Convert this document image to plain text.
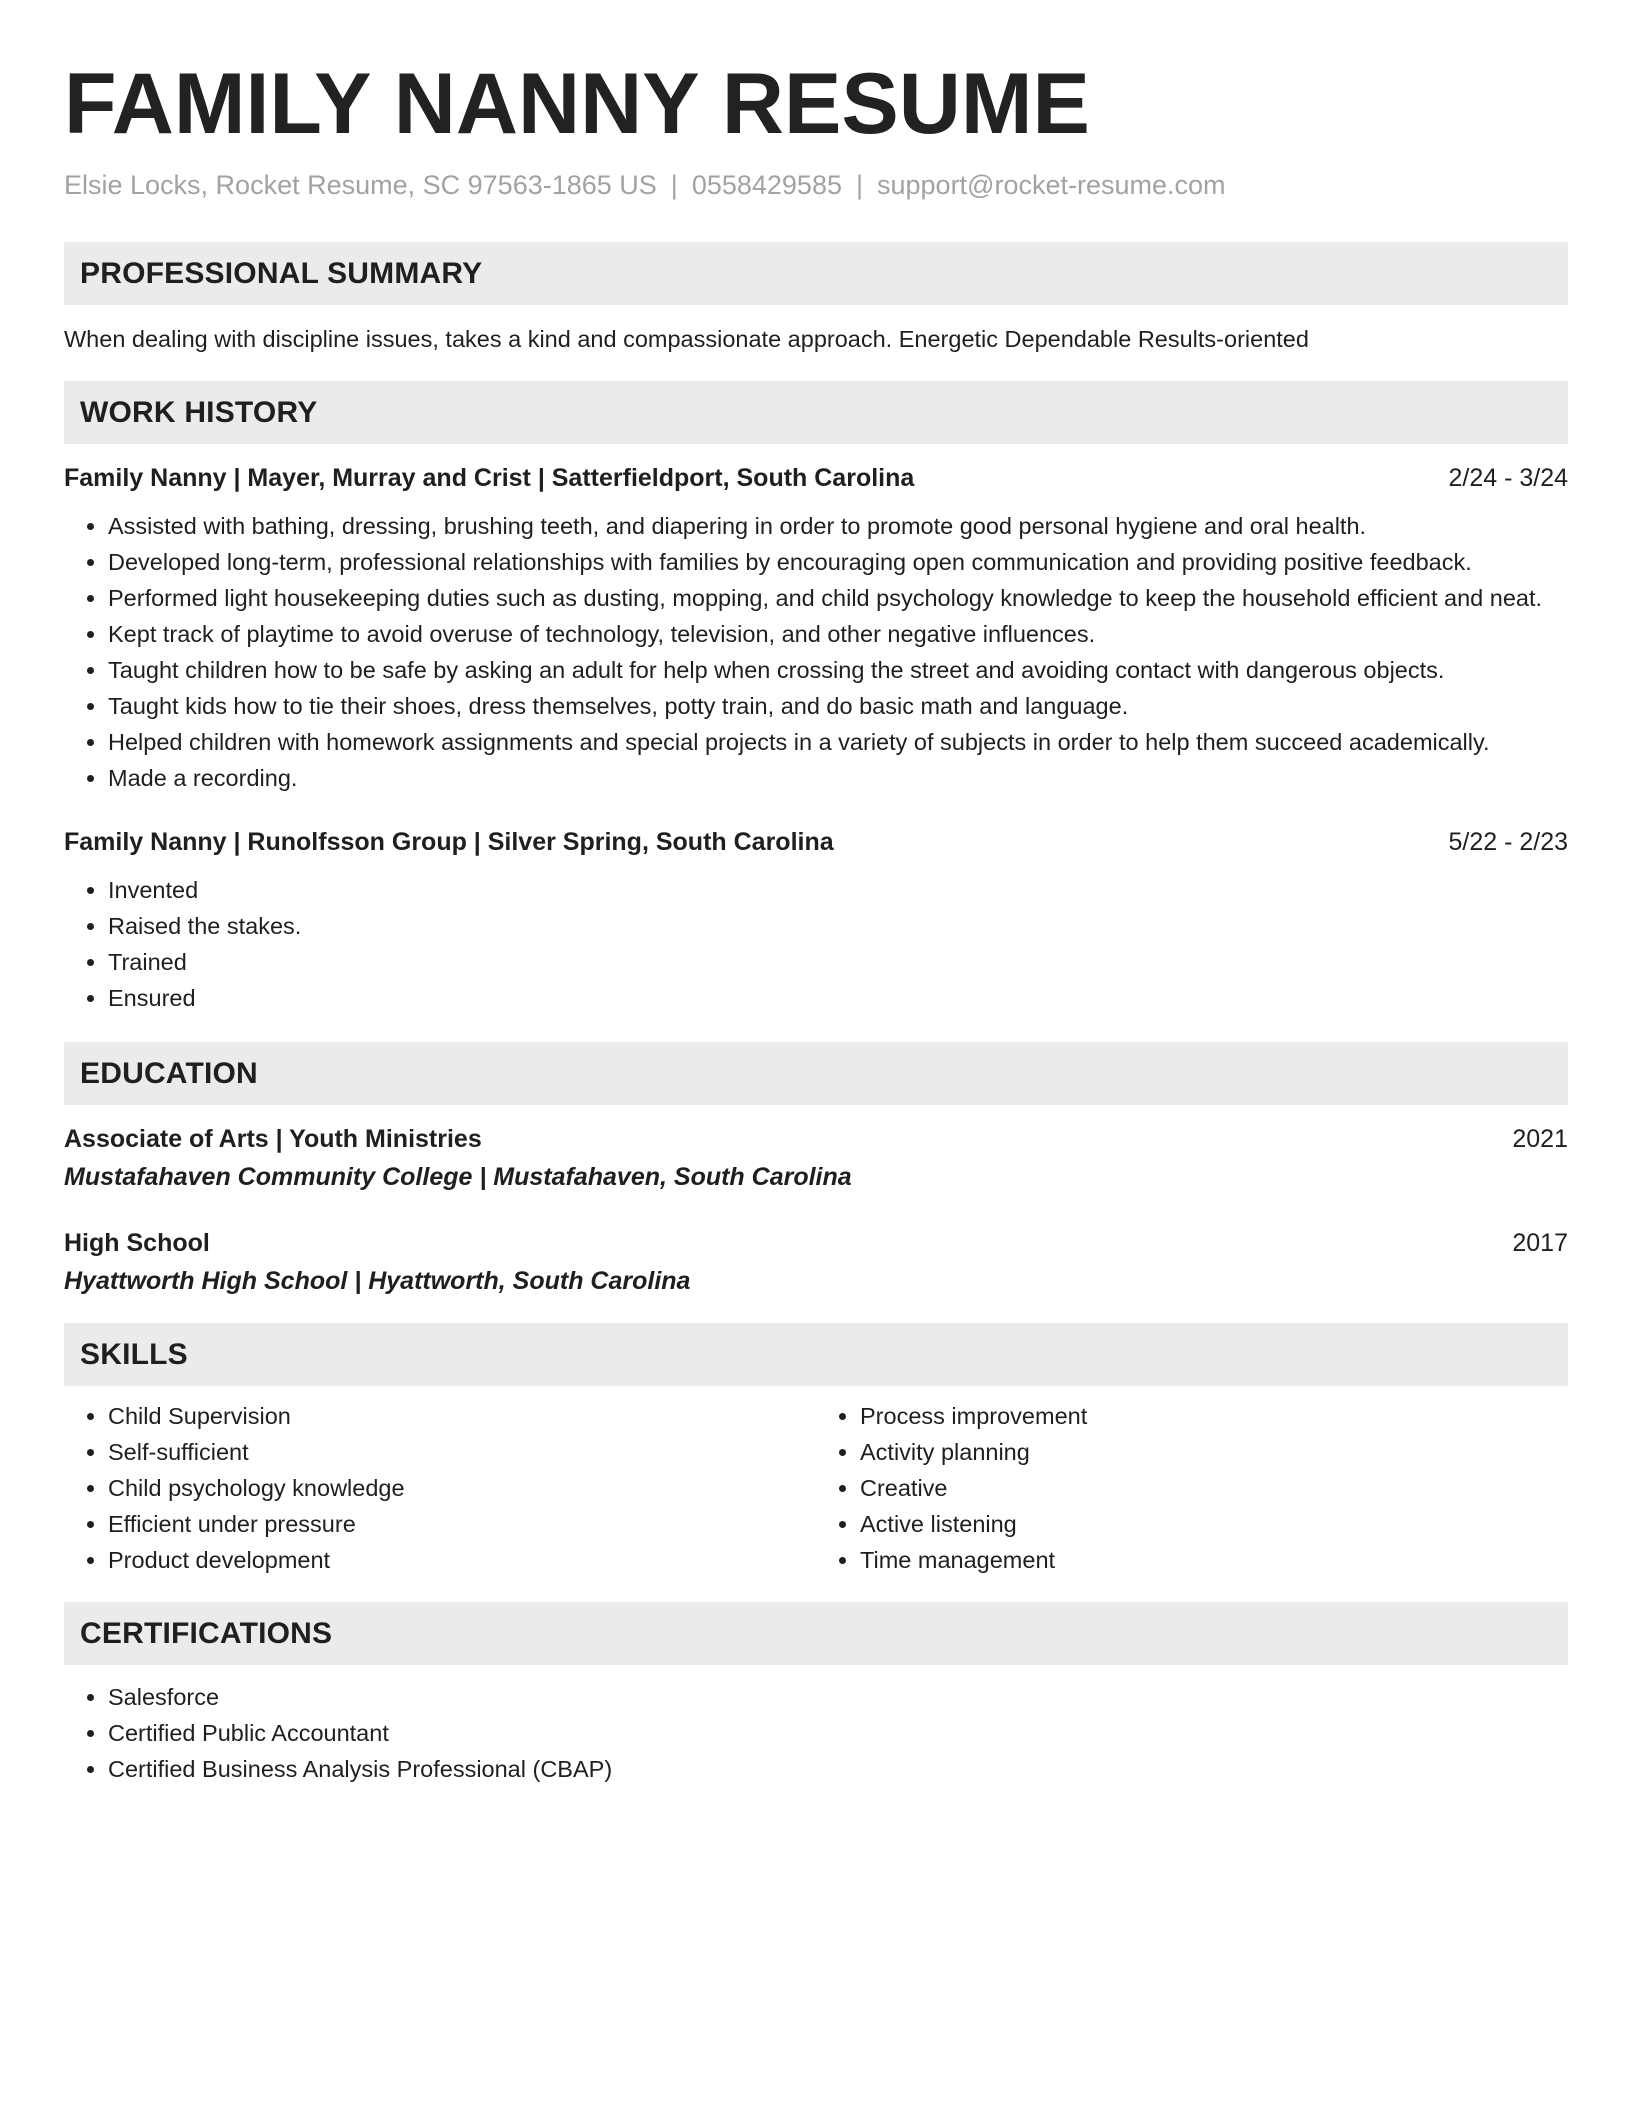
FAMILY NANNY RESUME
Elsie Locks, Rocket Resume, SC 97563-1865 US | 0558429585 | support@rocket-resume.com
PROFESSIONAL SUMMARY

When dealing with discipline issues, takes a kind and compassionate approach. Energetic Dependable Results-oriented

WORK HISTORY
Family Nanny | Mayer, Murray and Crist | Satterfieldport, South Carolina	2/24 - 3/24
• Assisted with bathing, dressing, brushing teeth, and diapering in order to promote good personal hygiene and oral health.
• Developed long-term, professional relationships with families by encouraging open communication and providing positive feedback.
• Performed light housekeeping duties such as dusting, mopping, and child psychology knowledge to keep the household efficient and neat.
• Kept track of playtime to avoid overuse of technology, television, and other negative influences.
• Taught children how to be safe by asking an adult for help when crossing the street and avoiding contact with dangerous objects.
• Taught kids how to tie their shoes, dress themselves, potty train, and do basic math and language.
• Helped children with homework assignments and special projects in a variety of subjects in order to help them succeed academically.
• Made a recording.
Family Nanny | Runolfsson Group | Silver Spring, South Carolina	5/22 - 2/23
• Invented
• Raised the stakes.
• Trained
• Ensured
EDUCATION
Associate of Arts | Youth Ministries	2021
Mustafahaven Community College | Mustafahaven, South Carolina
High School	2017
Hyattworth High School | Hyattworth, South Carolina
SKILLS
• Child Supervision
• Self-sufficient
• Child psychology knowledge
• Efficient under pressure
• Product development
• Process improvement
• Activity planning
• Creative
• Active listening
• Time management
CERTIFICATIONS
• Salesforce
• Certified Public Accountant
• Certified Business Analysis Professional (CBAP)
